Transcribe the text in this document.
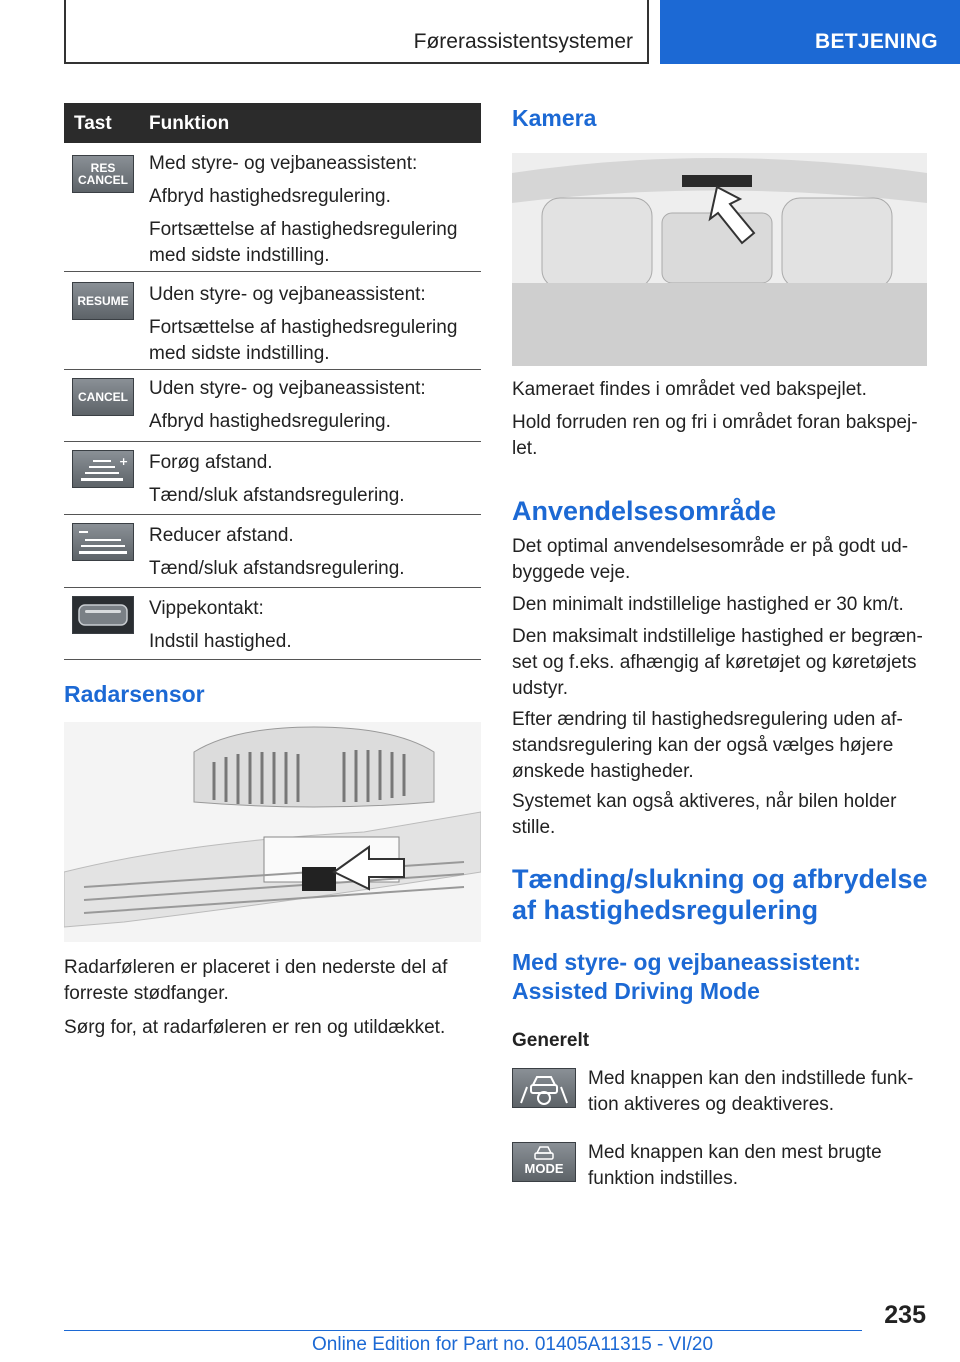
Førerassistentsystemer	BETJENING
Tast Funktion
RES
CANCEL

Med styre- og vejbaneassistent:

Afbryd hastighedsregulering.

Fortsættelse af hastighedsregulering med sidste indstilling.

RESUME Uden styre- og vejbaneassistent:

Fortsættelse af hastighedsregulering med sidste indstilling.

CANCEL	Uden styre- og vejbaneassistent:

Afbryd hastighedsregulering.

+ Forøg afstand.

Tænd/sluk afstandsregulering.

Reducer afstand.

Tænd/sluk afstandsregulering.

Vippekontakt:

Indstil hastighed.

Radarsensor

Radarføleren er placeret i den nederste del af forreste stødfanger.

Sørg for, at radarføleren er ren og utildækket.

Kamera

Kameraet findes i området ved bakspejlet.

Hold forruden ren og fri i området foran bakspejlet.

Anvendelsesområde

Det optimal anvendelsesområde er på godt udbyggede veje.

Den minimalt indstillelige hastighed er 30 km/t.

Den maksimalt indstillelige hastighed er begrænset og f.eks. afhængig af køretøjet og køretøjets udstyr.

Efter ændring til hastighedsregulering uden afstandsregulering kan der også vælges højere ønskede hastigheder.

Systemet kan også aktiveres, når bilen holder stille.

Tænding/slukning og afbrydelse af hastighedsregulering
Med styre- og vejbaneassistent: Assisted Driving Mode
Generelt

Med knappen kan den indstillede funktion aktiveres og deaktiveres.

MODE

Med knappen kan den mest brugte funktion indstilles.

235
Online Edition for Part no. 01405A11315 - VI/20
